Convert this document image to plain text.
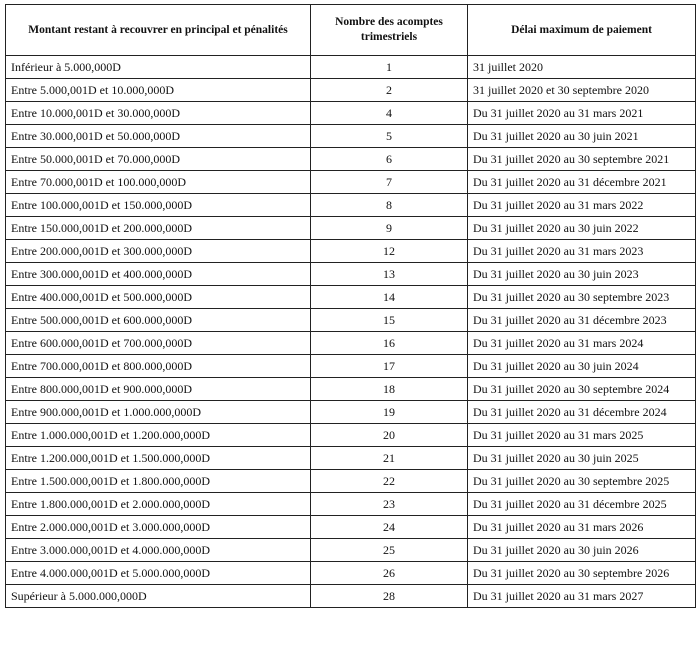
Montant restant à recouvrer en principal et pénalités	Nombre des acomptes trimestriels	Délai maximum de paiement
Inférieur à 5.000,000D	1	31 juillet 2020
Entre 5.000,001D et 10.000,000D	2	31 juillet 2020 et 30 septembre 2020
Entre 10.000,001D et 30.000,000D	4	Du 31 juillet 2020 au 31 mars 2021
Entre 30.000,001D et 50.000,000D	5	Du 31 juillet 2020 au 30 juin 2021
Entre 50.000,001D et 70.000,000D	6	Du 31 juillet 2020 au 30 septembre 2021
Entre 70.000,001D et 100.000,000D	7	Du 31 juillet 2020 au 31 décembre 2021
Entre 100.000,001D et 150.000,000D	8	Du 31 juillet 2020 au 31 mars 2022
Entre 150.000,001D et 200.000,000D	9	Du 31 juillet 2020 au 30 juin 2022
Entre 200.000,001D et 300.000,000D	12	Du 31 juillet 2020 au 31 mars 2023
Entre 300.000,001D et 400.000,000D	13	Du 31 juillet 2020 au 30 juin 2023
Entre 400.000,001D et 500.000,000D	14	Du 31 juillet 2020 au 30 septembre 2023
Entre 500.000,001D et 600.000,000D	15	Du 31 juillet 2020 au 31 décembre 2023
Entre 600.000,001D et 700.000,000D	16	Du 31 juillet 2020 au 31 mars 2024
Entre 700.000,001D et 800.000,000D	17	Du 31 juillet 2020 au 30 juin 2024
Entre 800.000,001D et 900.000,000D	18	Du 31 juillet 2020 au 30 septembre 2024
Entre 900.000,001D et 1.000.000,000D	19	Du 31 juillet 2020 au 31 décembre 2024
Entre 1.000.000,001D et 1.200.000,000D	20	Du 31 juillet 2020 au 31 mars 2025
Entre 1.200.000,001D et 1.500.000,000D	21	Du 31 juillet 2020 au 30 juin 2025
Entre 1.500.000,001D et 1.800.000,000D	22	Du 31 juillet 2020 au 30 septembre 2025
Entre 1.800.000,001D et 2.000.000,000D	23	Du 31 juillet 2020 au 31 décembre 2025
Entre 2.000.000,001D et 3.000.000,000D	24	Du 31 juillet 2020 au 31 mars 2026
Entre 3.000.000,001D et 4.000.000,000D	25	Du 31 juillet 2020 au 30 juin 2026
Entre 4.000.000,001D et 5.000.000,000D	26	Du 31 juillet 2020 au 30 septembre 2026
Supérieur à 5.000.000,000D	28	Du 31 juillet 2020 au 31 mars 2027
